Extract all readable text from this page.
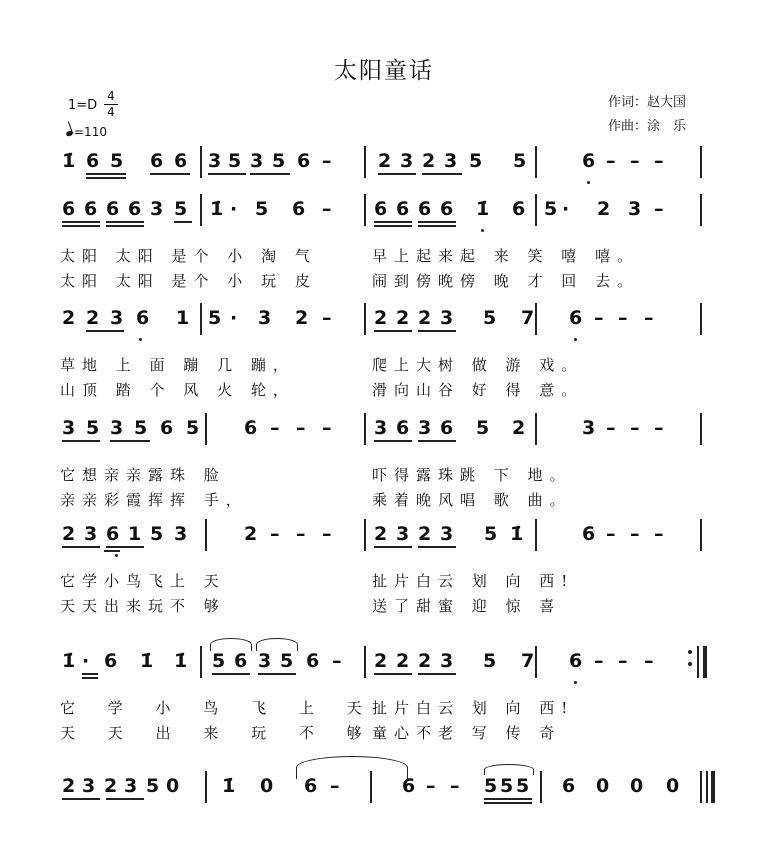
太阳童话
1=D
4
4
=110
作词：赵大国
作曲：涂　乐
1̇ 6 5 6 6 3 5 3 5 6 – 2 3 2 3 5 5	6 – – –
6 6 6 6 3 5 1̇ · 5 6 – 6 6 6 6 1̇ 6 5 · 2 3 –
太阳 太阳 是个 小 淘 气	早上起来起 来 笑 嘻 嘻。
太阳 太阳 是个 小 玩 皮	闹到傍晚傍 晚 才 回 去。
2 2 3 6 1 5 · 3 2 – 2 2 2 3 5 7 6 – – –
草地 上 面 蹦 几 蹦，	爬上大树 做 游 戏。
山顶 踏 个 风 火 轮，	滑向山谷 好 得 意。
3 5 3 5 6 5 6 – – – 3 6 3 6 5 2	3 – – –
它想亲亲露珠 脸	吓得露珠跳 下 地。
亲亲彩霞挥挥 手，	乘着晚风唱 歌 曲。
2 3 6 1 5 3	2 – – – 2 3 2 3 5 1̇	6 – – –
它学小鸟飞上 天	扯片白云 划 向 西!
天天出来玩不 够	送了甜蜜 迎 惊 喜
1̇ · 6 1̇ 1̇ 5 6 3 5 6 – 2 2 2 3 5 7 6 – – –
它 学 小 鸟 飞 上 天
扯片白云 划 向 西!
天 天 出 来 玩 不 够
童心不老 写 传 奇
2 3 2 3 5 0 1̇ 0 6 –	6 – – 5 5 5 6 0 0 0
